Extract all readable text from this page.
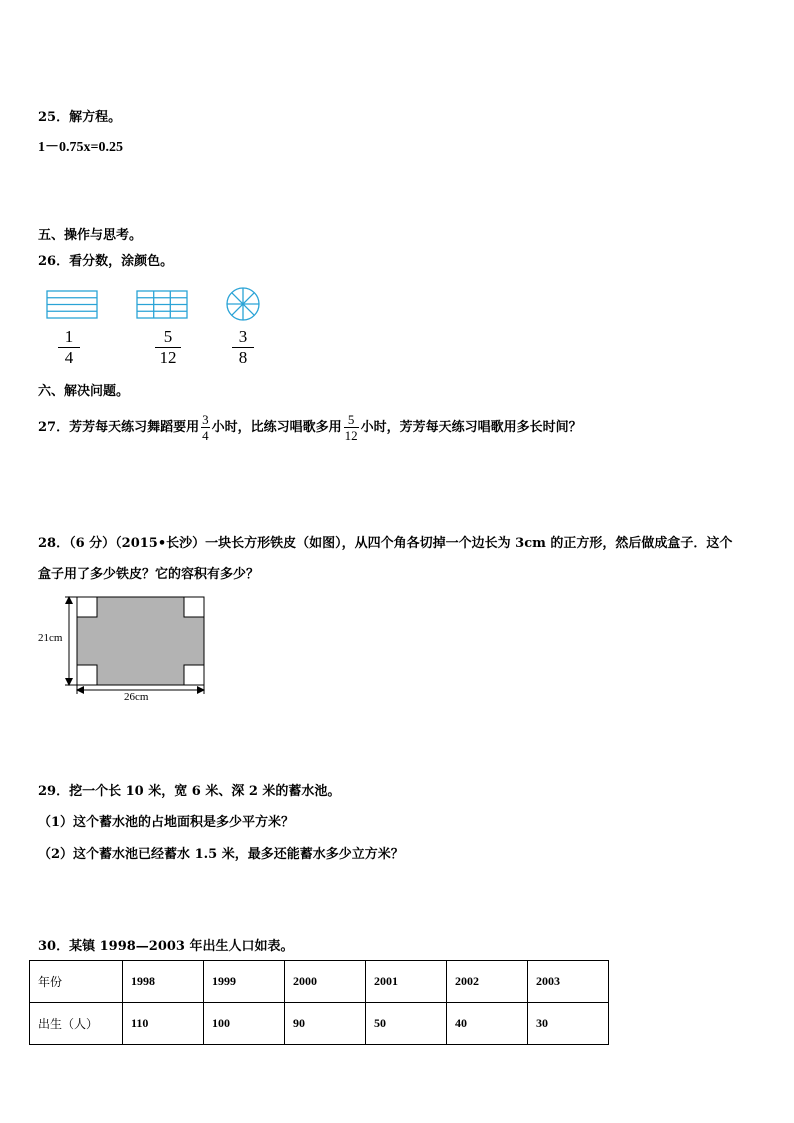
25．解方程。
1－0.75x=0.25
五、操作与思考。
26．看分数，涂颜色。
1
4
5
12
3
8
六、解决问题。
27．芳芳每天练习舞蹈要用 $\frac{3}{4}$ 小时，比练习唱歌多用 $\frac{5}{12}$ 小时，芳芳每天练习唱歌用多长时间？
28．（6 分）（2015•长沙）一块长方形铁皮（如图），从四个角各切掉一个边长为 3cm 的正方形，然后做成盒子．这个
盒子用了多少铁皮？它的容积有多少？
21cm
26cm
29．挖一个长 10 米，宽 6 米、深 2 米的蓄水池。
（1）这个蓄水池的占地面积是多少平方米？
（2）这个蓄水池已经蓄水 1.5 米，最多还能蓄水多少立方米？
30．某镇 1998—2003 年出生人口如表。
年份	1998	1999	2000	2001	2002	2003
出生（人）	110	100	90	50	40	30
